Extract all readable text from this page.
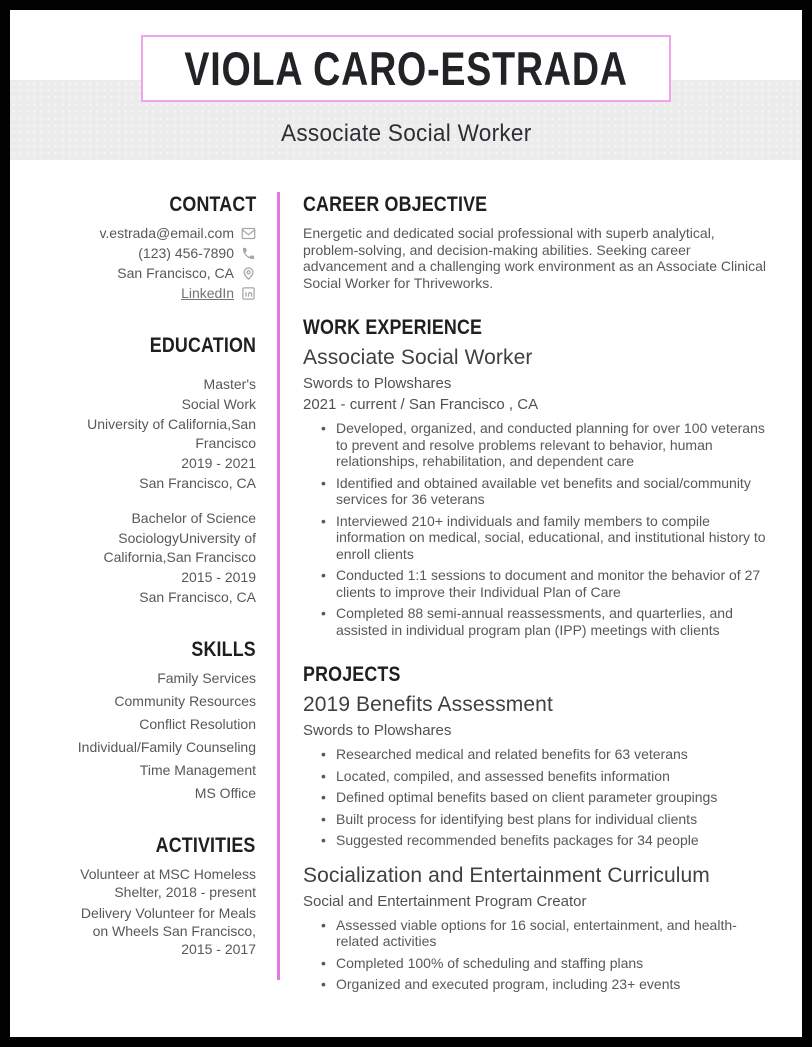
Associate Social Worker
VIOLA CARO-ESTRADA
CONTACT
v.estrada@email.com
(123) 456-7890
San Francisco, CA
LinkedIn
EDUCATION
Master's
Social Work
University of California,San Francisco
2019 - 2021
San Francisco, CA
Bachelor of Science
SociologyUniversity of California,San Francisco
2015 - 2019
San Francisco, CA
SKILLS
Family Services
Community Resources
Conflict Resolution
Individual/Family Counseling
Time Management
MS Office
ACTIVITIES
Volunteer at MSC Homeless Shelter, 2018 - present
Delivery Volunteer for Meals on Wheels San Francisco, 2015 - 2017
CAREER OBJECTIVE

Energetic and dedicated social professional with superb analytical, problem-solving, and decision-making abilities. Seeking career advancement and a challenging work environment as an Associate Clinical Social Worker for Thriveworks.

WORK EXPERIENCE
Associate Social Worker
Swords to Plowshares
2021 - current / San Francisco , CA
• Developed, organized, and conducted planning for over 100 veterans to prevent and resolve problems relevant to behavior, human relationships, rehabilitation, and dependent care
• Identified and obtained available vet benefits and social/community services for 36 veterans
• Interviewed 210+ individuals and family members to compile information on medical, social, educational, and institutional history to enroll clients
• Conducted 1:1 sessions to document and monitor the behavior of 27 clients to improve their Individual Plan of Care
• Completed 88 semi-annual reassessments, and quarterlies, and assisted in individual program plan (IPP) meetings with clients
PROJECTS
2019 Benefits Assessment
Swords to Plowshares
• Researched medical and related benefits for 63 veterans
• Located, compiled, and assessed benefits information
• Defined optimal benefits based on client parameter groupings
• Built process for identifying best plans for individual clients
• Suggested recommended benefits packages for 34 people
Socialization and Entertainment Curriculum
Social and Entertainment Program Creator
• Assessed viable options for 16 social, entertainment, and health-related activities
• Completed 100% of scheduling and staffing plans
• Organized and executed program, including 23+ events
